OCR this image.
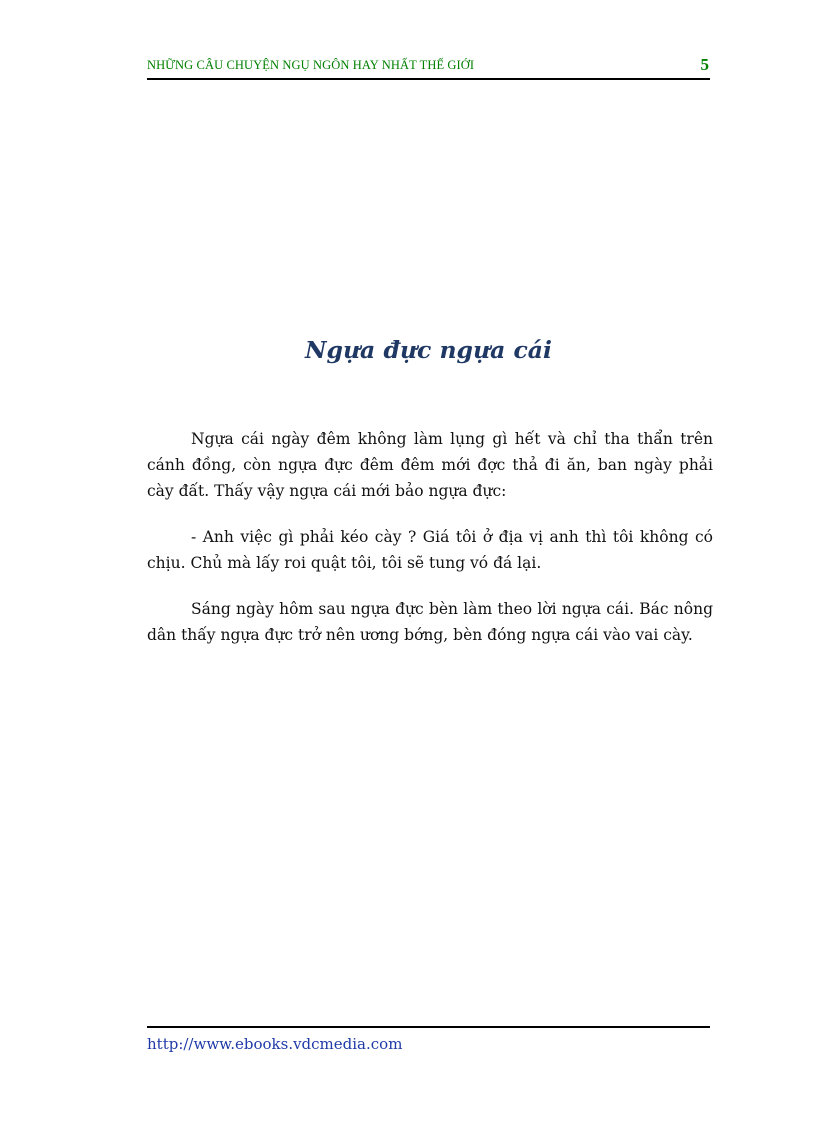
NHỮNG CÂU CHUYỆN NGỤ NGÔN HAY NHẤT THẾ GIỚI	5
Ngựa đực ngựa cái

Ngựa cái ngày đêm không làm lụng gì hết và chỉ tha thẩn trên cánh đồng, còn ngựa đực đêm đêm mới đợc thả đi ăn, ban ngày phải cày đất. Thấy vậy ngựa cái mới bảo ngựa đực:

- Anh việc gì phải kéo cày ? Giá tôi ở địa vị anh thì tôi không có chịu. Chủ mà lấy roi quật tôi, tôi sẽ tung vó đá lại.

Sáng ngày hôm sau ngựa đực bèn làm theo lời ngựa cái. Bác nông dân thấy ngựa đực trở nên ương bớng, bèn đóng ngựa cái vào vai cày.

http://www.ebooks.vdcmedia.com
